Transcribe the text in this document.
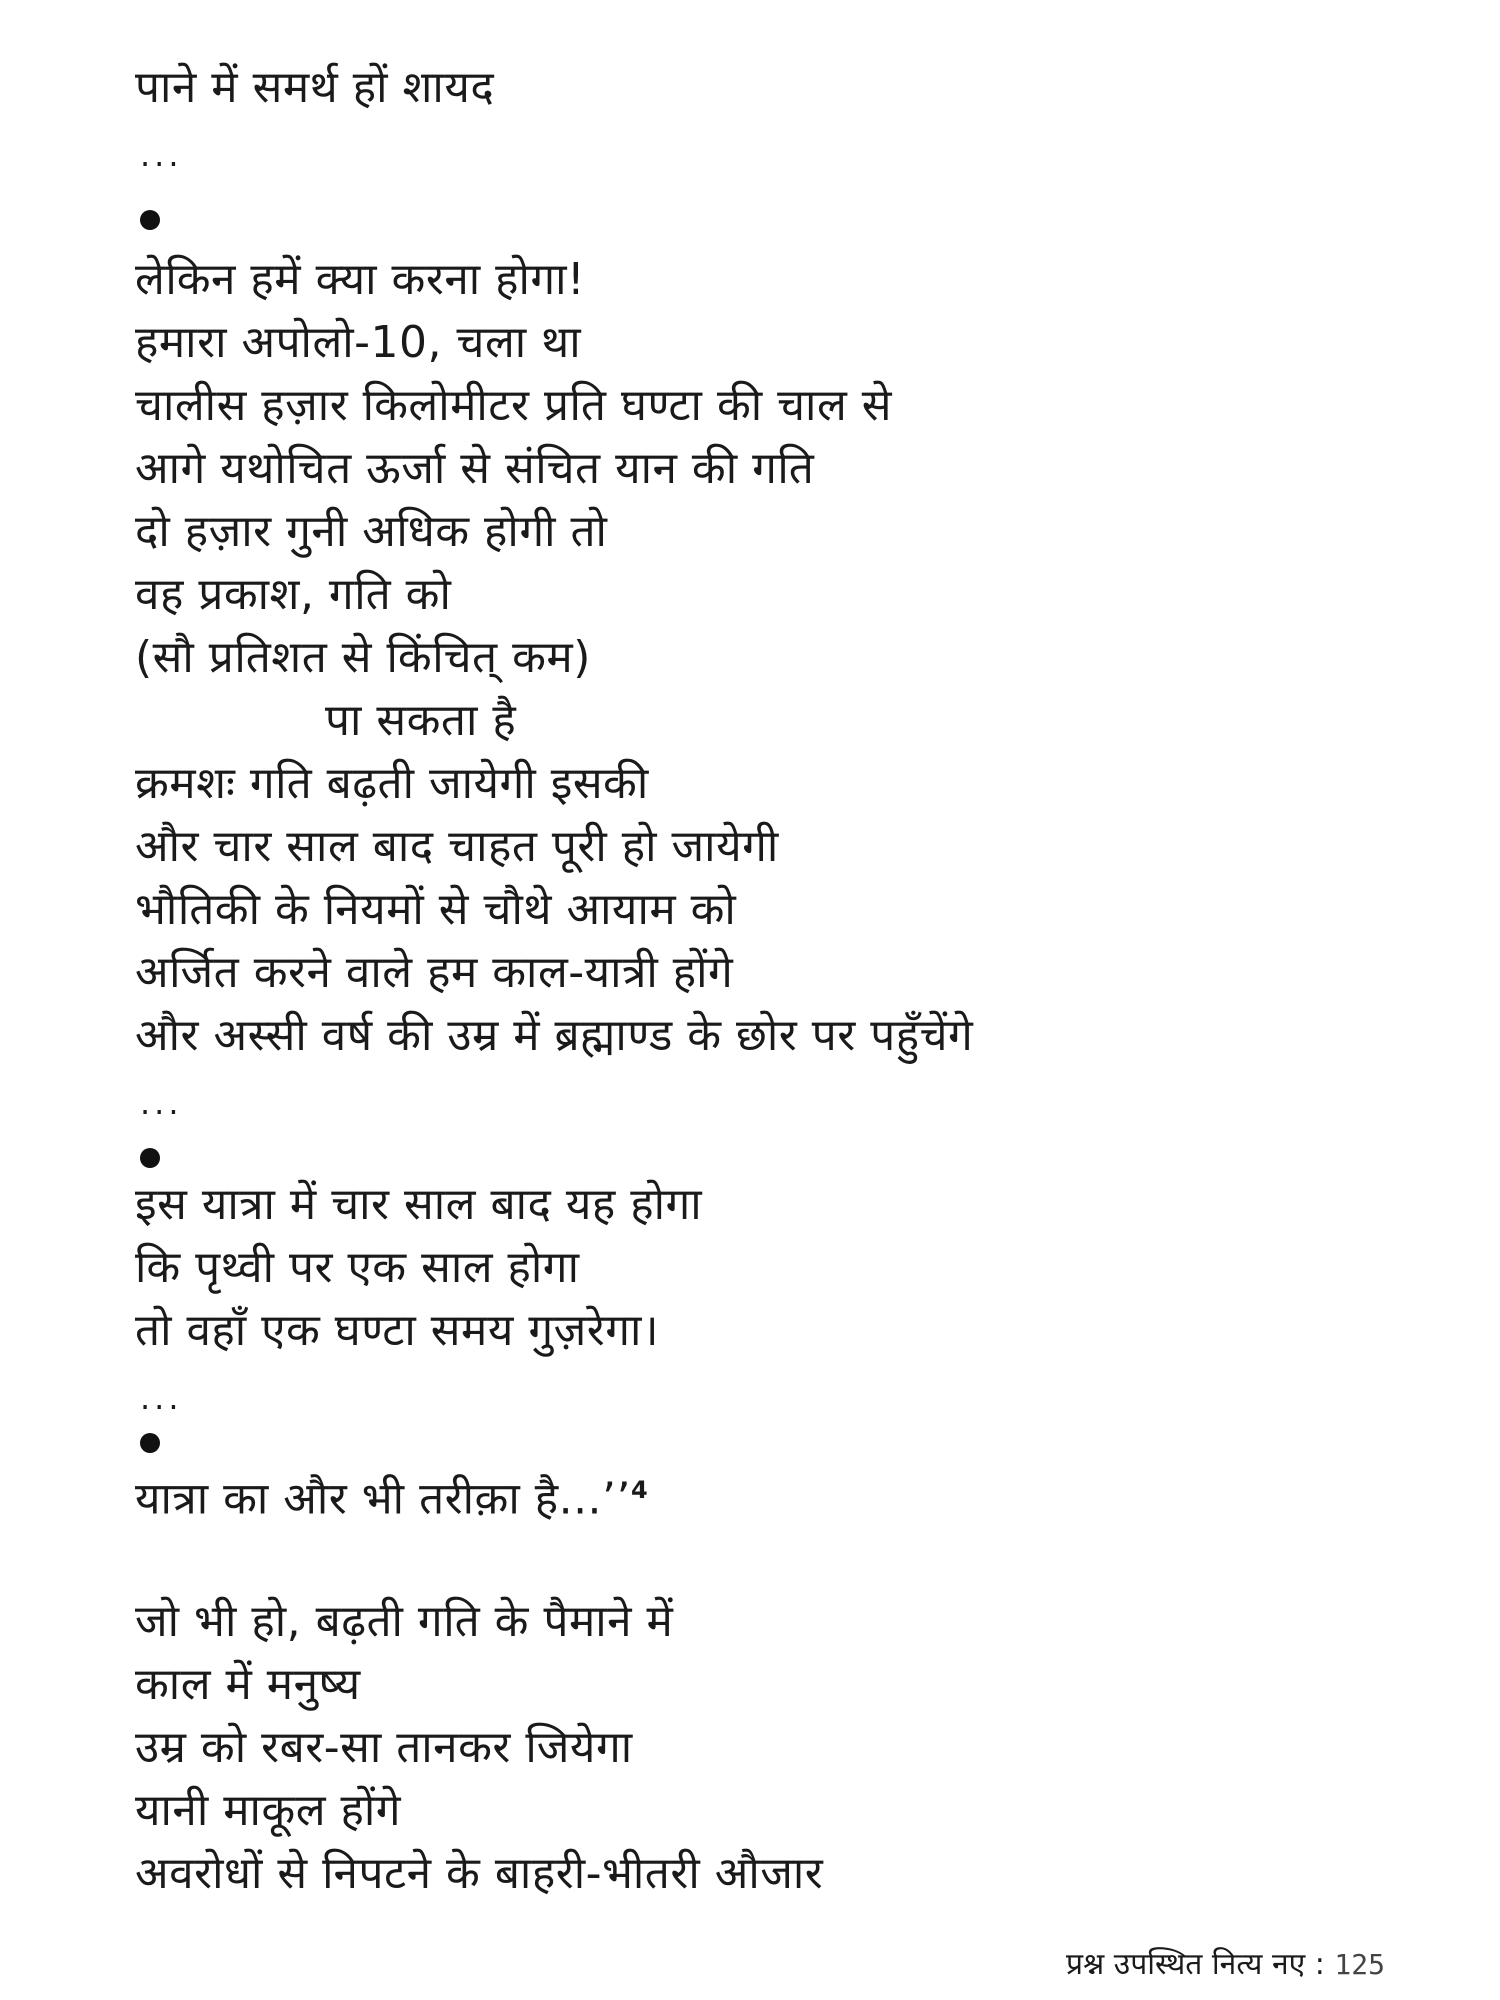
पाने में समर्थ हों शायद
...
लेकिन हमें क्या करना होगा!
हमारा अपोलो-10, चला था
चालीस हज़ार किलोमीटर प्रति घण्टा की चाल से
आगे यथोचित ऊर्जा से संचित यान की गति
दो हज़ार गुनी अधिक होगी तो
वह प्रकाश, गति को
(सौ प्रतिशत से किंचित् कम)
पा सकता है
क्रमशः गति बढ़ती जायेगी इसकी
और चार साल बाद चाहत पूरी हो जायेगी
भौतिकी के नियमों से चौथे आयाम को
अर्जित करने वाले हम काल-यात्री होंगे
और अस्सी वर्ष की उम्र में ब्रह्माण्ड के छोर पर पहुँचेंगे
...
इस यात्रा में चार साल बाद यह होगा
कि पृथ्वी पर एक साल होगा
तो वहाँ एक घण्टा समय गुज़रेगा।
...
यात्रा का और भी तरीक़ा है...’’$^4$
जो भी हो, बढ़ती गति के पैमाने में
काल में मनुष्य
उम्र को रबर-सा तानकर जियेगा
यानी माकूल होंगे
अवरोधों से निपटने के बाहरी-भीतरी औजार
प्रश्न उपस्थित नित्य नए : 125
